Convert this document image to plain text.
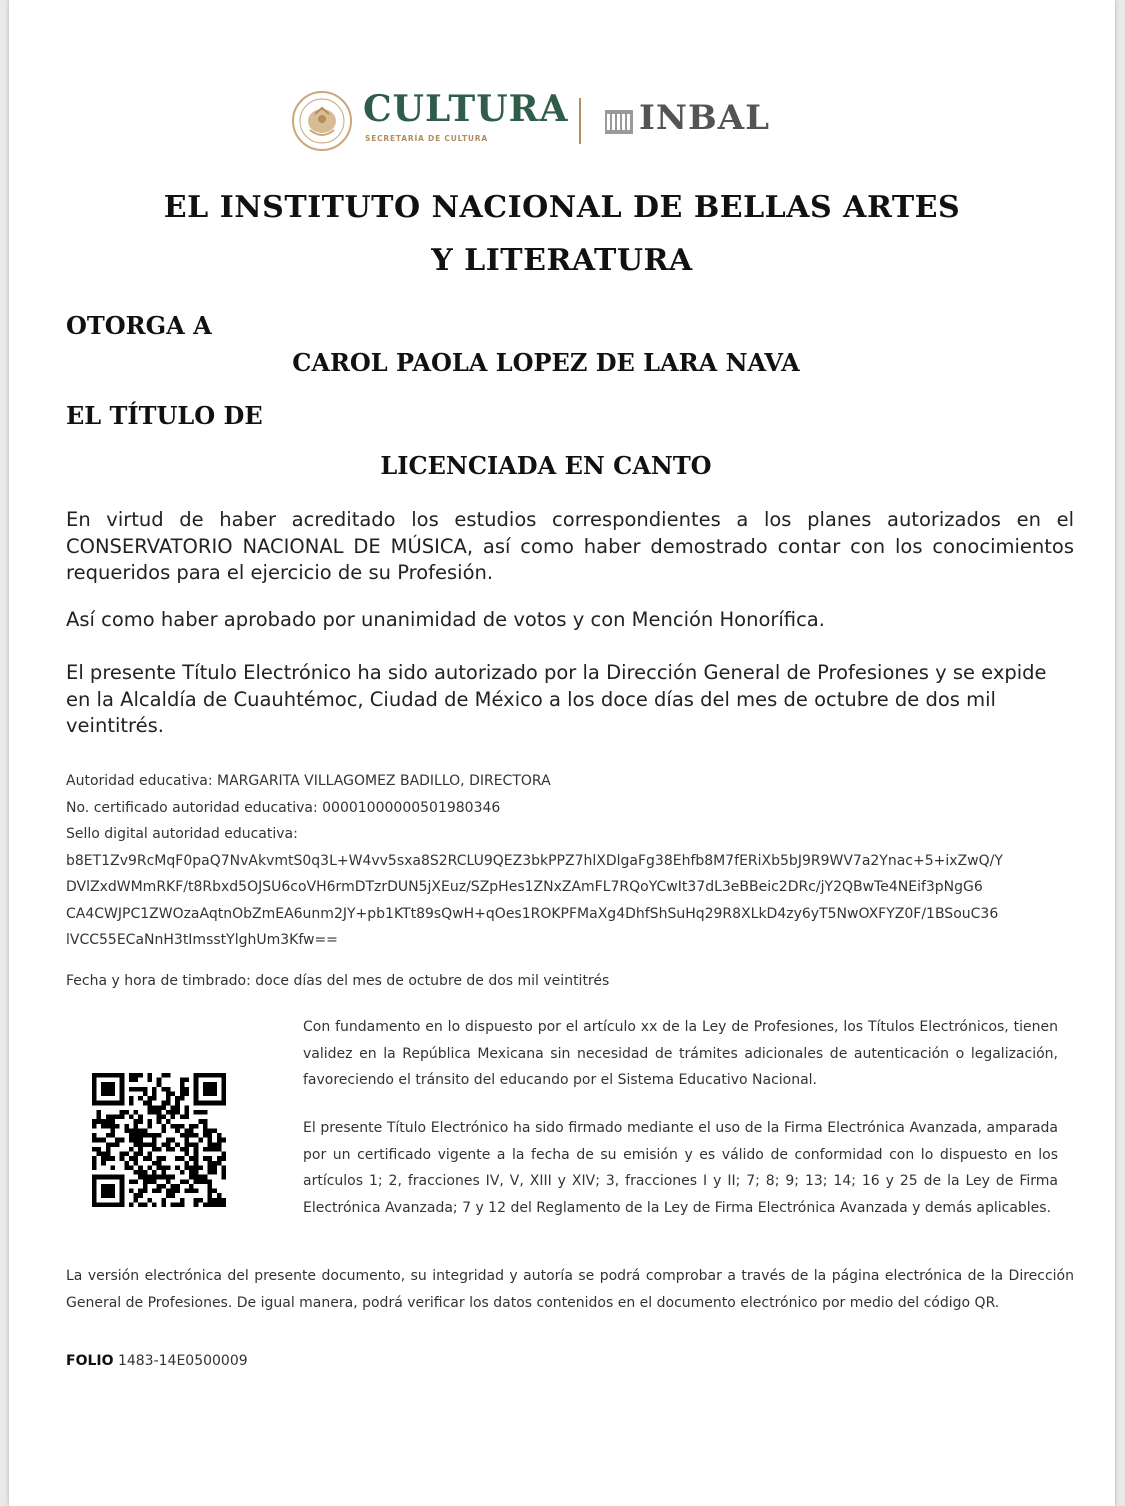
CULTURA
SECRETARÍA DE CULTURA
INBAL
EL INSTITUTO NACIONAL DE BELLAS ARTES
Y LITERATURA
OTORGA A
CAROL PAOLA LOPEZ DE LARA NAVA
EL TÍTULO DE
LICENCIADA EN CANTO
En virtud de haber acreditado los estudios correspondientes a los planes autorizados en el CONSERVATORIO NACIONAL DE MÚSICA, así como haber demostrado contar con los conocimientos requeridos para el ejercicio de su Profesión.
Así como haber aprobado por unanimidad de votos y con Mención Honorífica.
El presente Título Electrónico ha sido autorizado por la Dirección General de Profesiones y se expide en la Alcaldía de Cuauhtémoc, Ciudad de México a los doce días del mes de octubre de dos mil veintitrés.
Autoridad educativa: MARGARITA VILLAGOMEZ BADILLO, DIRECTORA
No. certificado autoridad educativa: 00001000000501980346
Sello digital autoridad educativa:
b8ET1Zv9RcMqF0paQ7NvAkvmtS0q3L+W4vv5sxa8S2RCLU9QEZ3bkPPZ7hlXDlgaFg38Ehfb8M7fERiXb5bJ9R9WV7a2Ynac+5+ixZwQ/Y
DVlZxdWMmRKF/t8Rbxd5OJSU6coVH6rmDTzrDUN5jXEuz/SZpHes1ZNxZAmFL7RQoYCwIt37dL3eBBeic2DRc/jY2QBwTe4NEif3pNgG6
CA4CWJPC1ZWOzaAqtnObZmEA6unm2JY+pb1KTt89sQwH+qOes1ROKPFMaXg4DhfShSuHq29R8XLkD4zy6yT5NwOXFYZ0F/1BSouC36
lVCC55ECaNnH3tImsstYlghUm3Kfw==
Fecha y hora de timbrado: doce días del mes de octubre de dos mil veintitrés
Con fundamento en lo dispuesto por el artículo xx de la Ley de Profesiones, los Títulos Electrónicos, tienen validez en la República Mexicana sin necesidad de trámites adicionales de autenticación o legalización, favoreciendo el tránsito del educando por el Sistema Educativo Nacional.
El presente Título Electrónico ha sido firmado mediante el uso de la Firma Electrónica Avanzada, amparada por un certificado vigente a la fecha de su emisión y es válido de conformidad con lo dispuesto en los artículos 1; 2, fracciones IV, V, XIII y XIV; 3, fracciones I y II; 7; 8; 9; 13; 14; 16 y 25 de la Ley de Firma Electrónica Avanzada; 7 y 12 del Reglamento de la Ley de Firma Electrónica Avanzada y demás aplicables.
La versión electrónica del presente documento, su integridad y autoría se podrá comprobar a través de la página electrónica de la Dirección General de Profesiones. De igual manera, podrá verificar los datos contenidos en el documento electrónico por medio del código QR.
FOLIO 1483-14E0500009
